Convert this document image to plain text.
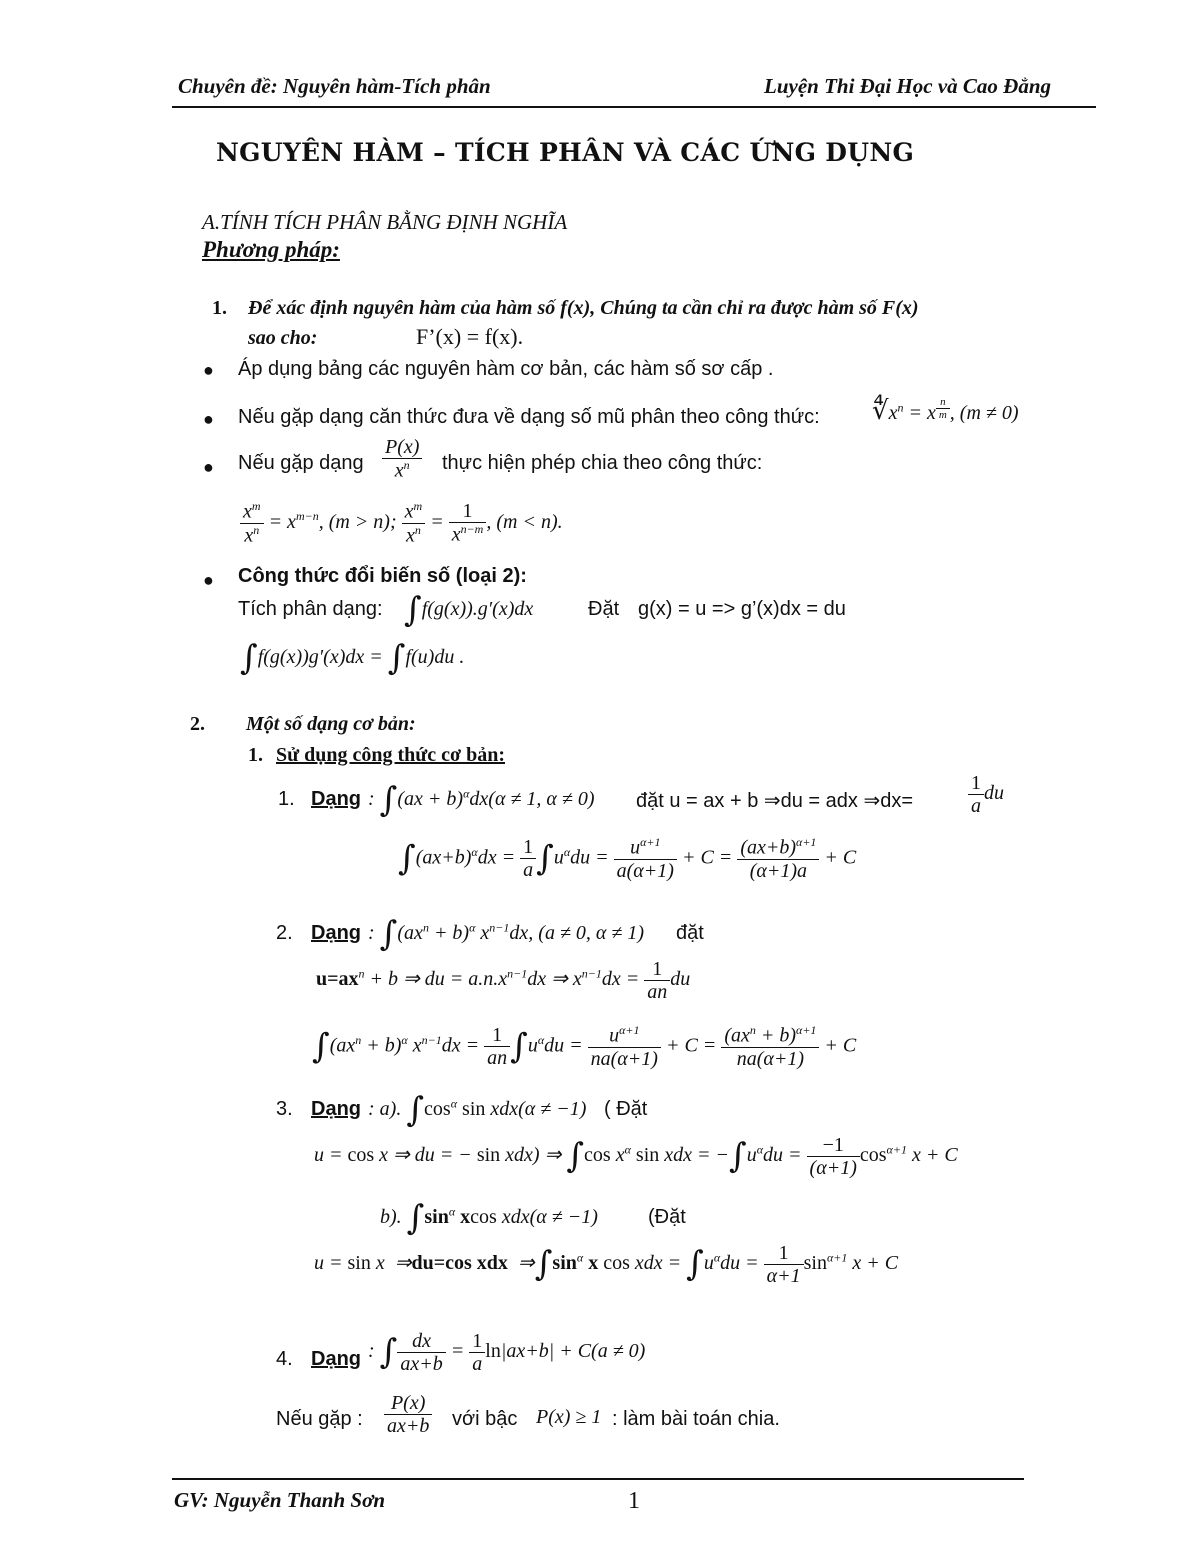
Chuyên đề: Nguyên hàm-Tích phân	Luyện Thi Đại Học và Cao Đẳng
NGUYÊN HÀM – TÍCH PHÂN VÀ CÁC ỨNG DỤNG
A.TÍNH TÍCH PHÂN BẰNG ĐỊNH NGHĨA
Phương pháp:
1. Để xác định nguyên hàm của hàm số f(x), Chúng ta cần chỉ ra được hàm số F(x)
sao cho:	F’(x) = f(x).
● Áp dụng bảng các nguyên hàm cơ bản, các hàm số sơ cấp .
● Nếu gặp dạng căn thức đưa về dạng số mũ phân theo công thức: $∜x^n = x$ $^{\frac{n}{m}}$ , (m ≠ 0)
● Nếu gặp dạng $\frac{P(x)}{x^n}$ thực hiện phép chia theo công thức:
$\frac{x^m}{x^n} = x^{m-n}$, (m > n); $\frac{x^m}{x^n} = \frac{1}{x^{n-m}}$ , (m < n).
● Công thức đổi biến số (loại 2):
Tích phân dạng: ∫f(g(x)).g′(x)dx	Đặt g(x) = u => g’(x)dx = du
∫f(g(x))g′(x)dx = ∫f(u)du .
2. Một số dạng cơ bản:
1. Sử dụng công thức cơ bản:
1. Dạng : ∫(ax + b)$^\alpha$dx(α ≠ 1, α ≠ 0) đặt u = ax + b ⇒du = adx ⇒dx=	$\frac{1}{a}$ du
$\int(ax+b)^\alpha dx = \frac{1}{a} \int u^\alpha du = \frac{u^{\alpha+1}}{a(\alpha+1)} + C = \frac{(ax+b)^{\alpha+1}}{(\alpha+1)a} + C$
2. Dạng : $\int(ax^n + b)^\alpha$ $x^{n-1}dx$, (a ≠ 0, α ≠ 1) đặt
$u=ax^n + b$ ⇒ du = $a.n.x^{n-1}dx$ ⇒ $x^{n-1}dx = \frac{1}{an}$ du
$\int(ax^n + b)^\alpha$ $x^{n-1}dx = \frac{1}{an} \int u^\alpha du = \frac{u^{\alpha+1}}{na(\alpha+1)} + C = \frac{(ax^n + b)^{\alpha+1}}{na(\alpha+1)} + C$
3. Dạng : a). $\int\cos^\alpha$ sin xdx(α ≠ −1) ( Đặt
u = cos x ⇒ du = − sin xdx) ⇒ ∫cos $x^\alpha$ sin xdx = $-\int u^\alpha du = \frac{-1}{(\alpha+1)} \cos^{\alpha+1} x + C$
b). $\int\sin^\alpha$ xcos xdx(α ≠ −1)	(Đặt
u = sin x  ⇒du=cos xdx  $\Rightarrow\int\sin^\alpha$ x cos xdx = $\int u^\alpha du = \frac{1}{\alpha+1} \sin^{\alpha+1} x + C$
4. Dạng : ∫ $\frac{dx}{ax+b} = \frac{1}{a} \ln|ax+b| + C(a \ne 0)$
Nếu gặp : $\frac{P(x)}{ax+b}$ với bậc P(x) ≥ 1 : làm bài toán chia.
GV: Nguyễn Thanh Sơn	1
